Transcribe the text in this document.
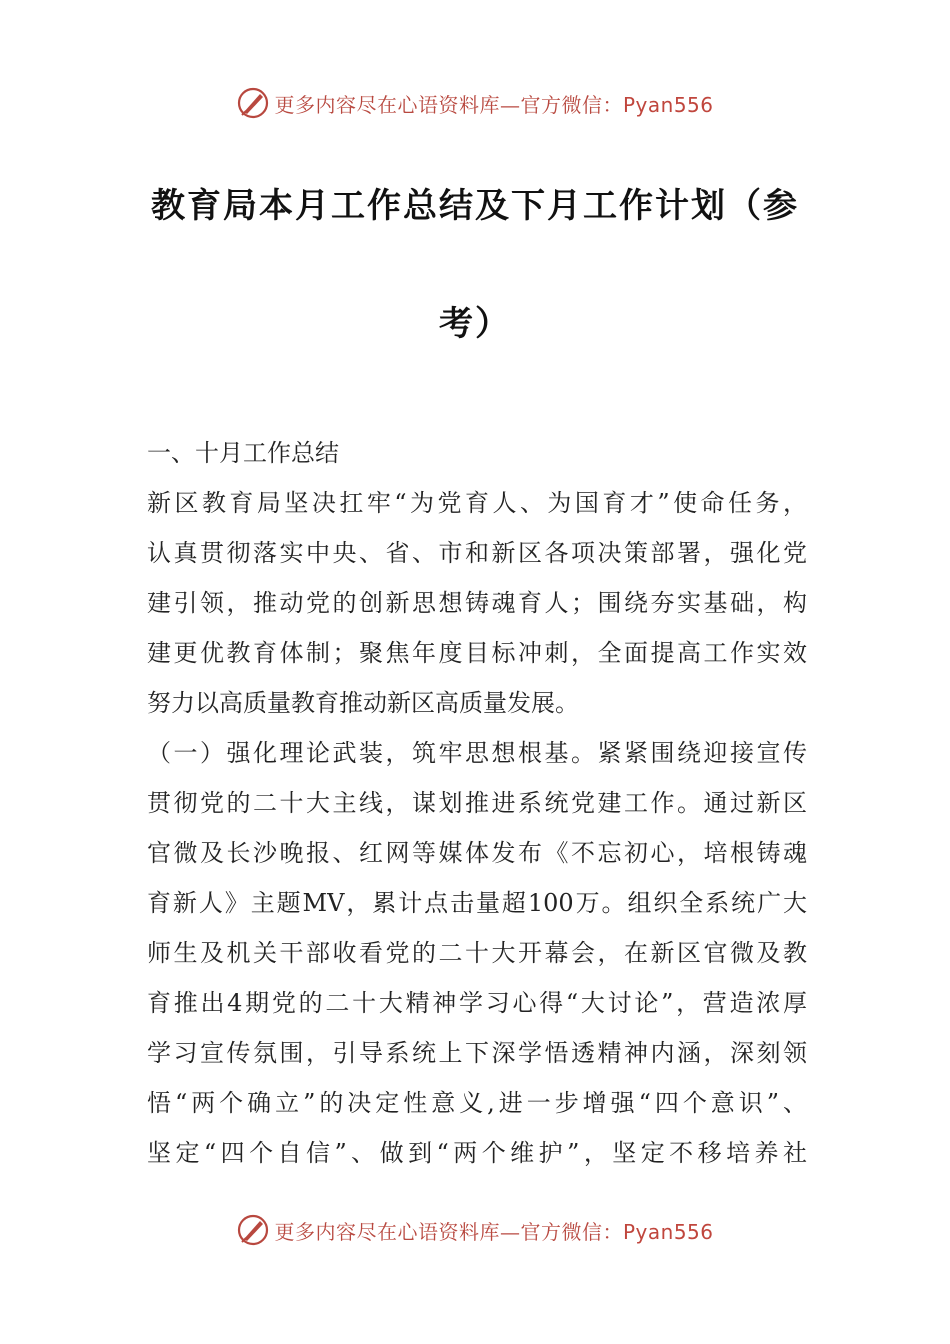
更多内容尽在心语资料库—官方微信：Pyan556
教育局本月工作总结及下月工作计划（参
考）
一、十月工作总结
新区教育局坚决扛牢“为党育人、为国育才”使命任务，
认真贯彻落实中央、省、市和新区各项决策部署，强化党
建引领，推动党的创新思想铸魂育人；围绕夯实基础，构
建更优教育体制；聚焦年度目标冲刺，全面提高工作实效
努力以高质量教育推动新区高质量发展。
（一）强化理论武装，筑牢思想根基。紧紧围绕迎接宣传
贯彻党的二十大主线，谋划推进系统党建工作。通过新区
官微及长沙晚报、红网等媒体发布《不忘初心，培根铸魂
育新人》主题MV，累计点击量超100万。组织全系统广大
师生及机关干部收看党的二十大开幕会，在新区官微及教
育推出4期党的二十大精神学习心得“大讨论”，营造浓厚
学习宣传氛围，引导系统上下深学悟透精神内涵，深刻领
悟“两个确立”的决定性意义,进一步增强“四个意识”、
坚定“四个自信”、做到“两个维护”，坚定不移培养社
更多内容尽在心语资料库—官方微信：Pyan556
